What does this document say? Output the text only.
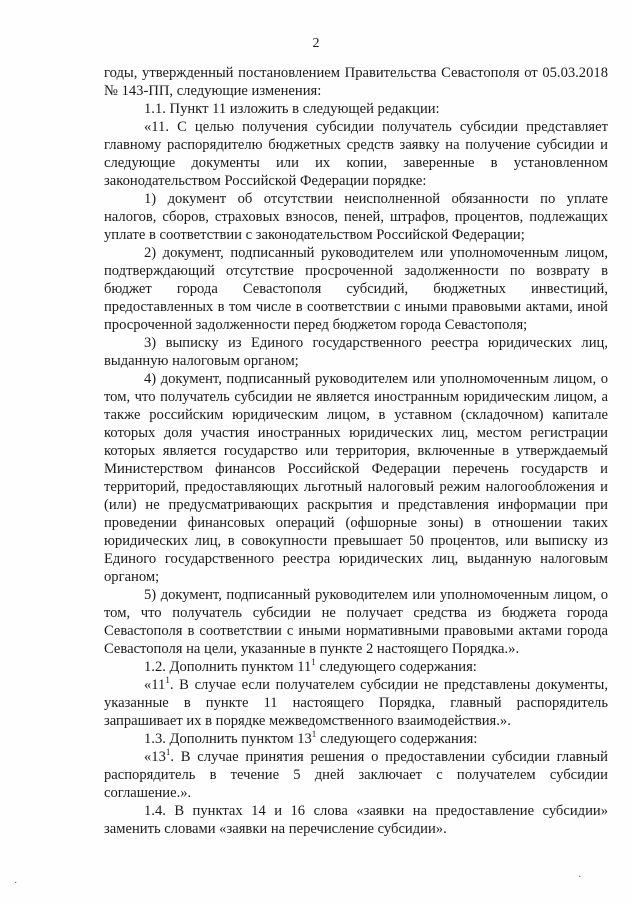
2

годы, утвержденный постановлением Правительства Севастополя от 05.03.2018 № 143-ПП, следующие изменения:

1.1. Пункт 11 изложить в следующей редакции:

«11. С целью получения субсидии получатель субсидии представляет главному распорядителю бюджетных средств заявку на получение субсидии и следующие документы или их копии, заверенные в установленном законодательством Российской Федерации порядке:

1) документ об отсутствии неисполненной обязанности по уплате налогов, сборов, страховых взносов, пеней, штрафов, процентов, подлежащих уплате в соответствии с законодательством Российской Федерации;

2) документ, подписанный руководителем или уполномоченным лицом, подтверждающий отсутствие просроченной задолженности по возврату в бюджет города Севастополя субсидий, бюджетных инвестиций, предоставленных в том числе в соответствии с иными правовыми актами, иной просроченной задолженности перед бюджетом города Севастополя;

3) выписку из Единого государственного реестра юридических лиц, выданную налоговым органом;

4) документ, подписанный руководителем или уполномоченным лицом, о том, что получатель субсидии не является иностранным юридическим лицом, а также российским юридическим лицом, в уставном (складочном) капитале которых доля участия иностранных юридических лиц, местом регистрации которых является государство или территория, включенные в утверждаемый Министерством финансов Российской Федерации перечень государств и территорий, предоставляющих льготный налоговый режим налогообложения и (или) не предусматривающих раскрытия и представления информации при проведении финансовых операций (офшорные зоны) в отношении таких юридических лиц, в совокупности превышает 50 процентов, или выписку из Единого государственного реестра юридических лиц, выданную налоговым органом;

5) документ, подписанный руководителем или уполномоченным лицом, о том, что получатель субсидии не получает средства из бюджета города Севастополя в соответствии с иными нормативными правовыми актами города Севастополя на цели, указанные в пункте 2 настоящего Порядка.».

1.2. Дополнить пунктом $11^1$ следующего содержания:

«$11^1$. В случае если получателем субсидии не представлены документы, указанные в пункте 11 настоящего Порядка, главный распорядитель запрашивает их в порядке межведомственного взаимодействия.».

1.3. Дополнить пунктом $13^1$ следующего содержания:

«$13^1$. В случае принятия решения о предоставлении субсидии главный распорядитель в течение 5 дней заключает с получателем субсидии соглашение.».

1.4. В пунктах 14 и 16 слова «заявки на предоставление субсидии» заменить словами «заявки на перечисление субсидии».

·
·
